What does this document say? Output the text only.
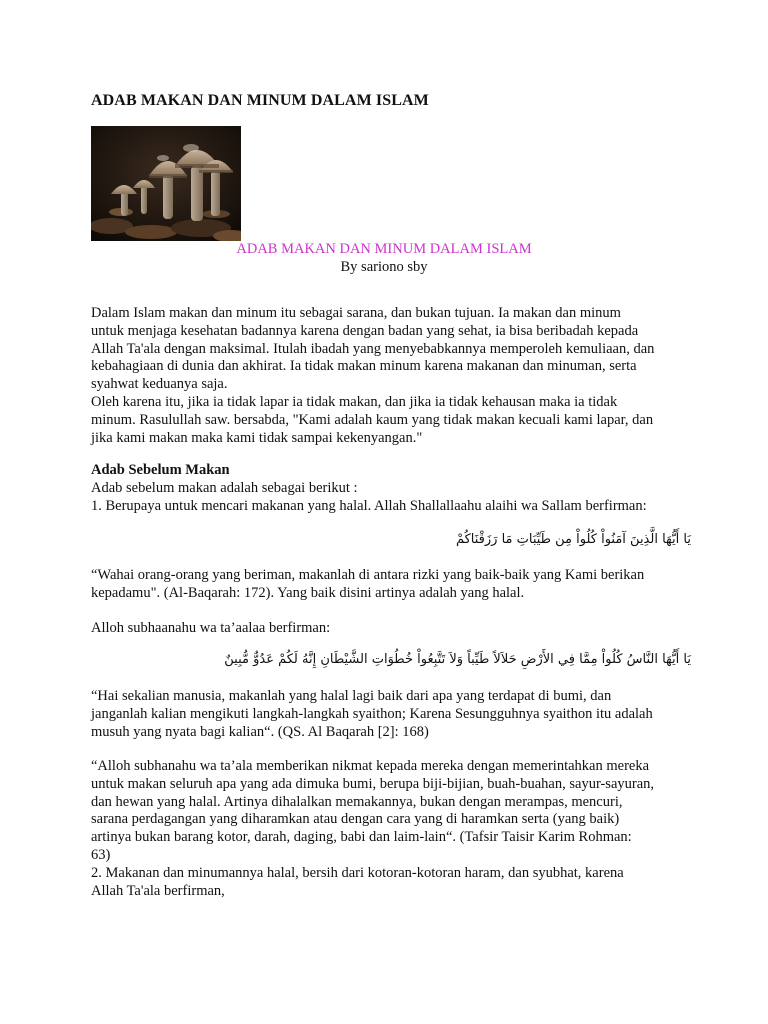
ADAB MAKAN DAN MINUM DALAM ISLAM
ADAB MAKAN DAN MINUM DALAM ISLAM
By sariono sby
Dalam Islam makan dan minum itu sebagai sarana, dan bukan tujuan. Ia makan dan minum
untuk menjaga kesehatan badannya karena dengan badan yang sehat, ia bisa beribadah kepada
Allah Ta'ala dengan maksimal. Itulah ibadah yang menyebabkannya memperoleh kemuliaan, dan
kebahagiaan di dunia dan akhirat. Ia tidak makan minum karena makanan dan minuman, serta
syahwat keduanya saja.
Oleh karena itu, jika ia tidak lapar ia tidak makan, dan jika ia tidak kehausan maka ia tidak
minum. Rasulullah saw. bersabda, "Kami adalah kaum yang tidak makan kecuali kami lapar, dan
jika kami makan maka kami tidak sampai kekenyangan."
Adab Sebelum Makan
Adab sebelum makan adalah sebagai berikut :
1. Berupaya untuk mencari makanan yang halal. Allah Shallallaahu alaihi wa Sallam berfirman:
يَا أَيُّهَا الَّذِينَ آمَنُواْ كُلُواْ مِن طَيِّبَاتِ مَا رَزَقْنَاكُمْ
“Wahai orang-orang yang beriman, makanlah di antara rizki yang baik-baik yang Kami berikan
kepadamu". (Al-Baqarah: 172). Yang baik disini artinya adalah yang halal.
Alloh subhaanahu wa ta’aalaa berfirman:
يَا أَيُّهَا النَّاسُ كُلُواْ مِمَّا فِي الأَرْضِ حَلاَلاً طَيِّباً وَلاَ تَتَّبِعُواْ خُطُوَاتِ الشَّيْطَانِ إِنَّهُ لَكُمْ عَدُوٌّ مُّبِينٌ
“Hai sekalian manusia, makanlah yang halal lagi baik dari apa yang terdapat di bumi, dan
janganlah kalian mengikuti langkah-langkah syaithon; Karena Sesungguhnya syaithon itu adalah
musuh yang nyata bagi kalian“. (QS. Al Baqarah [2]: 168)
“Alloh subhanahu wa ta’ala memberikan nikmat kepada mereka dengan memerintahkan mereka
untuk makan seluruh apa yang ada dimuka bumi, berupa biji-bijian, buah-buahan, sayur-sayuran,
dan hewan yang halal. Artinya dihalalkan memakannya, bukan dengan merampas, mencuri,
sarana perdagangan yang diharamkan atau dengan cara yang di haramkan serta (yang baik)
artinya bukan barang kotor, darah, daging, babi dan laim-lain“. (Tafsir Taisir Karim Rohman:
63)
2. Makanan dan minumannya halal, bersih dari kotoran-kotoran haram, dan syubhat, karena
Allah Ta'ala berfirman,
